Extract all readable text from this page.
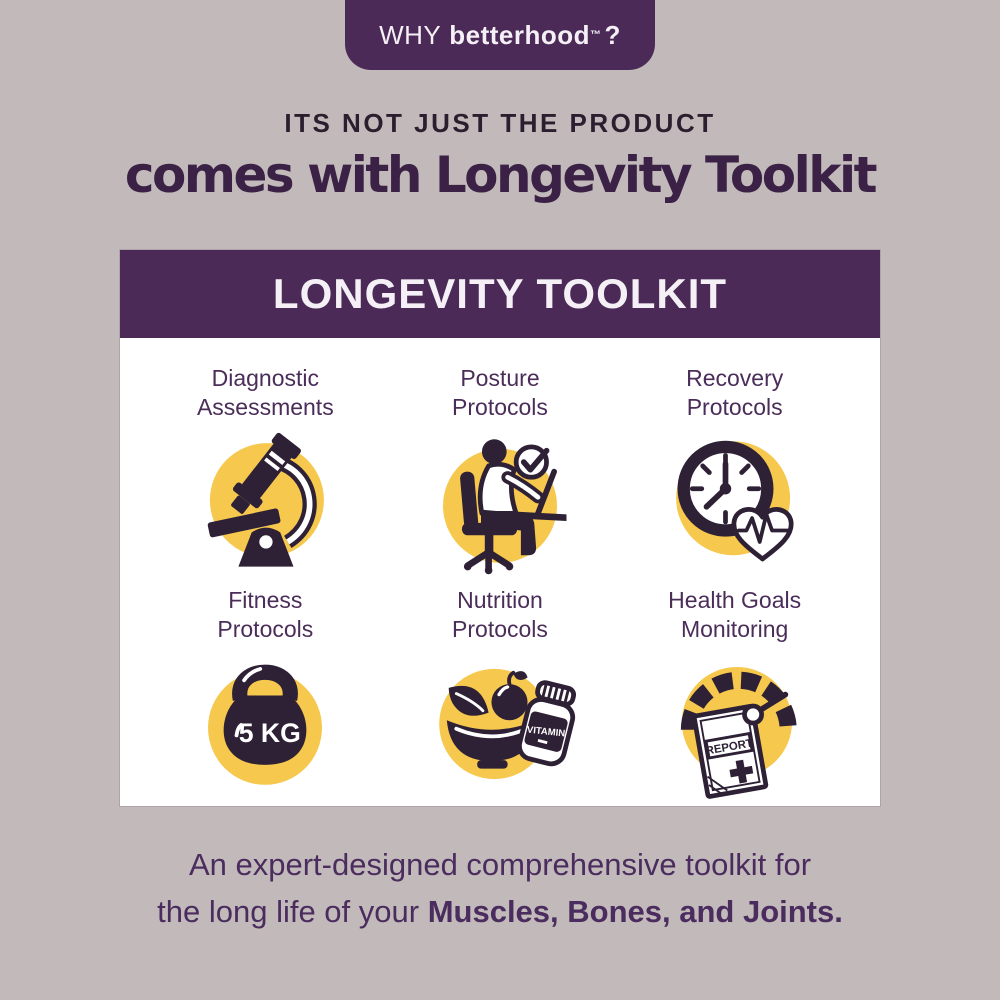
WHY betterhood ™ ?
ITS NOT JUST THE PRODUCT
comes with Longevity Toolkit
LONGEVITY TOOLKIT
Diagnostic
Assessments
Posture
Protocols
Recovery
Protocols
Fitness
Protocols
5 KG
Nutrition
Protocols
VITAMIN
Health Goals
Monitoring
REPORT
An expert-designed comprehensive toolkit for
the long life of your Muscles, Bones, and Joints.
